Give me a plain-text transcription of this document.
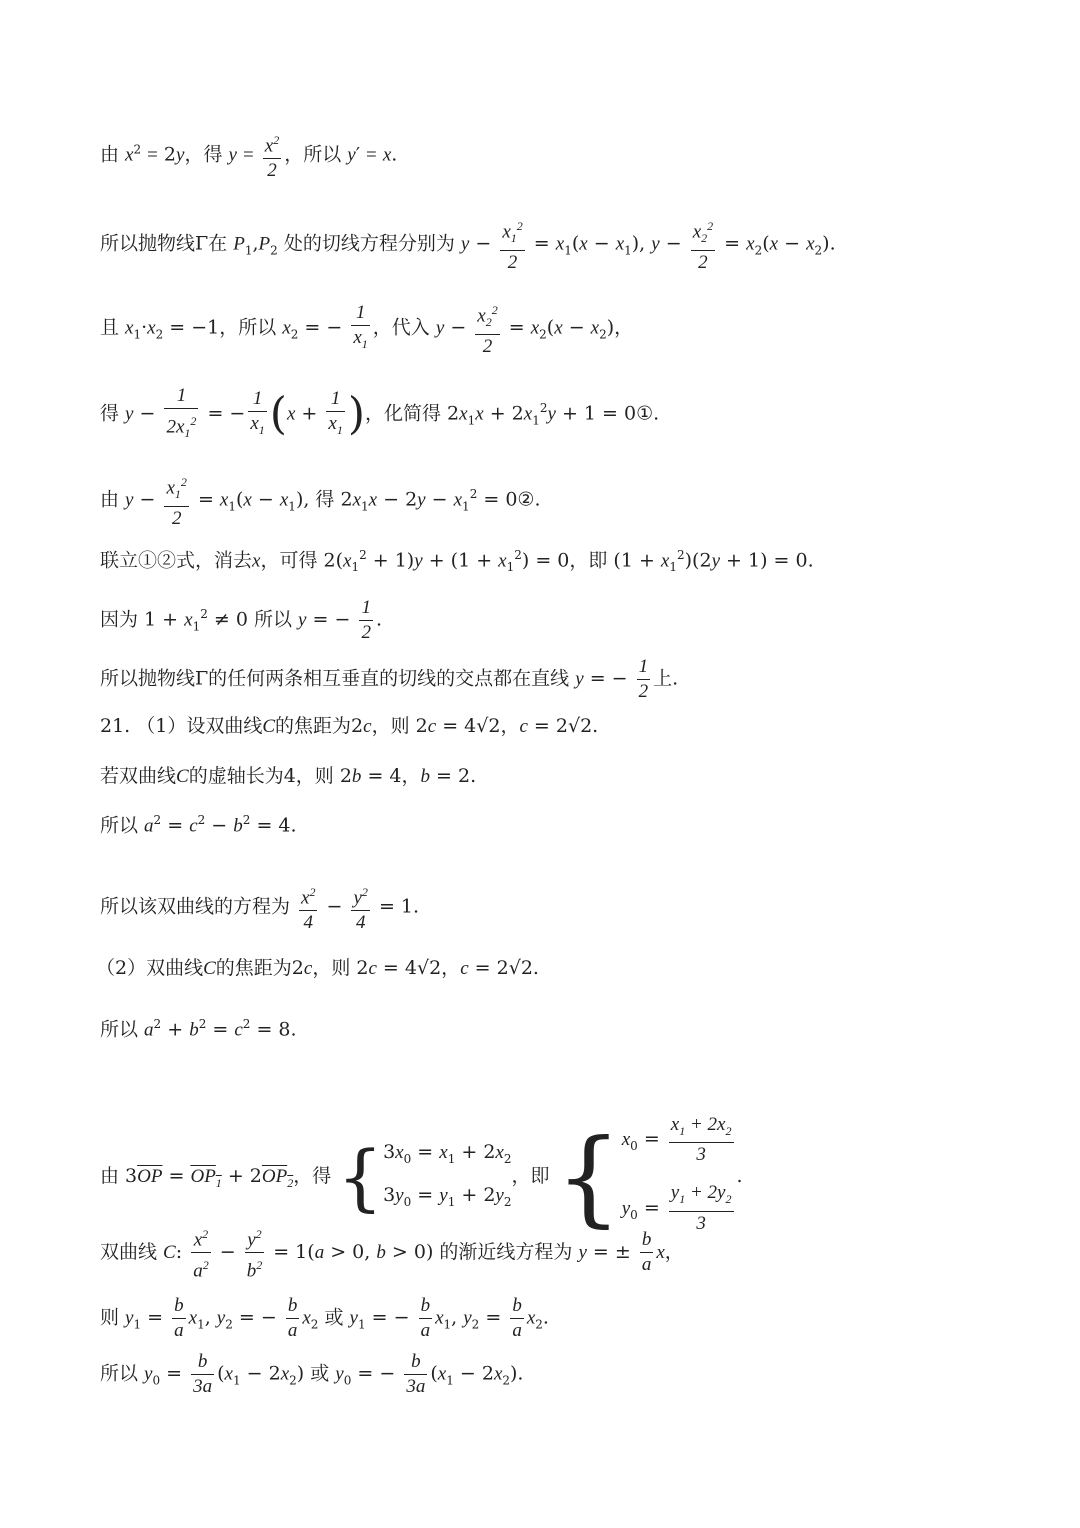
由 $x^2 = 2y$，得 $y = \frac{x^2}{2}$ ，所以 y′ = x.
所以抛物线Γ在 $P_1,P_2$ 处的切线方程分别为 $y - \frac{x_1^2}{2} = x_1(x - x_1)$, $y - \frac{x_2^2}{2} = x_2(x - x_2)$.
且 $x_1\cdot x_2 = -1$，所以 $x_2$ = − $\frac{1}{x_1}$ ，代入 $y - \frac{x_2^2}{2} = x_2(x - x_2)$，
得 $y - \frac{1}{2x_1^2}$ = − $\frac{1}{x_1} (x + \frac{1}{x_1}$ )，化简得 $2x_1x + 2x_1^2y + 1$ = 0①.
由 $y - \frac{x_1^2}{2} = x_1(x - x_1)$, 得 $2x_1x - 2y - x_1^2$ = 0②.
联立①②式，消去x，可得 $2(x_1^2 + 1)y + (1 + x_1^2) = 0$，即 $(1 + x_1^2)(2y + 1) = 0$.
因为 $1 + x_1^2 \ne 0$ 所以 y = − $\frac{1}{2}$ .
所以抛物线Γ的任何两条相互垂直的切线的交点都在直线 y = − $\frac{1}{2}$ 上.
21. （1）设双曲线C的焦距为2c，则 2c = 4√2，c = 2√2.
若双曲线C的虚轴长为4，则 2b = 4，b = 2.
所以 $a^2 = c^2 - b^2 = 4$.
所以该双曲线的方程为 $\frac{x^2}{4} - \frac{y^2}{4} = 1$.
（2）双曲线C的焦距为2c，则 2c = 4√2，c = 2√2.
所以 $a^2 + b^2 = c^2 = 8$.
由 $3\overline{OP} = OP_1 + 2OP_2$，得 { $3x_0 = x_1 + 2x_2$
$3y_0 = y_1 + 2y_2$
，即 { $x_0 = \frac{x_1 + 2x_2}{3}$
$y_0 = \frac{y_1 + 2y_2}{3}$
.
双曲线 C: $\frac{x^2}{a^2} - \frac{y^2}{b^2} = 1(a > 0$, b > 0) 的渐近线方程为 y = ± $\frac{b}{a}$ x，
则 $y_1 = \frac{b}{a} x_1$, $y_2$ = − $\frac{b}{a} x_2$ 或 $y_1$ = − $\frac{b}{a} x_1$, $y_2 = \frac{b}{a} x_2$.
所以 $y_0 = \frac{b}{3a} (x_1 - 2x_2)$ 或 $y_0$ = − $\frac{b}{3a} (x_1 - 2x_2)$.
